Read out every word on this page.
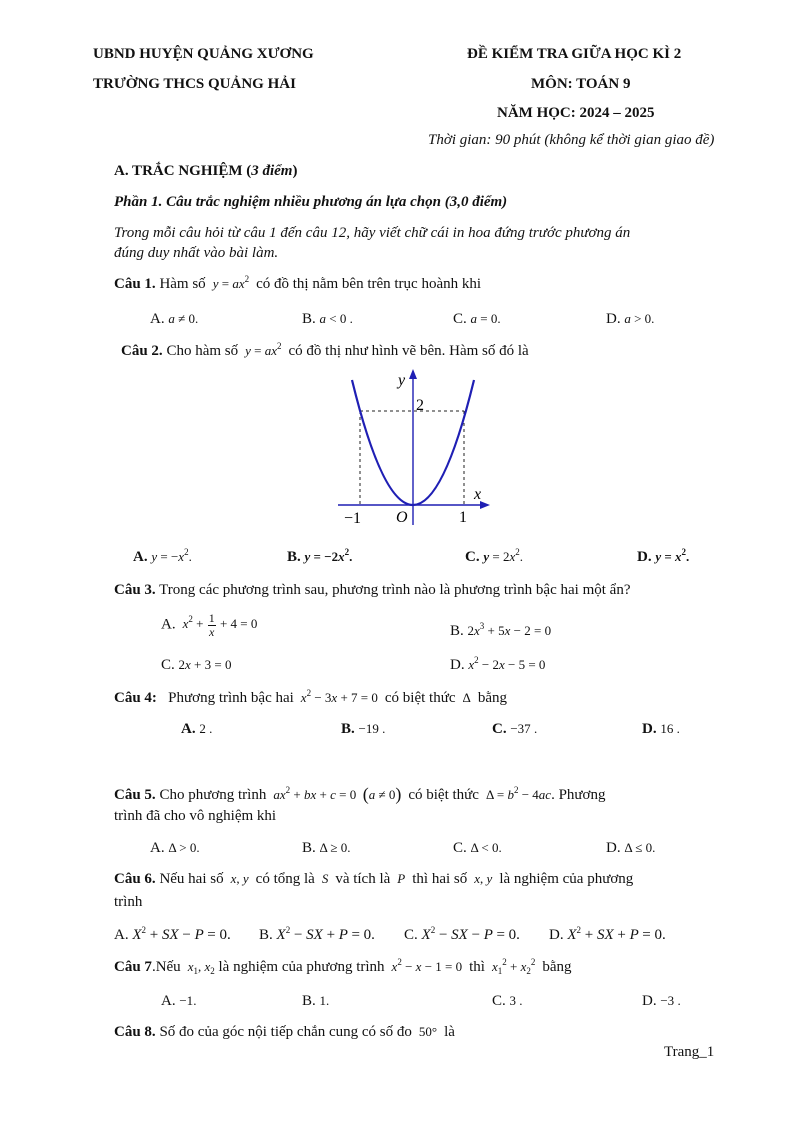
UBND HUYỆN QUẢNG XƯƠNG
TRƯỜNG THCS QUẢNG HẢI
ĐỀ KIỂM TRA GIỮA HỌC KÌ 2
MÔN: TOÁN 9
NĂM HỌC: 2024 – 2025
Thời gian: 90 phút (không kể thời gian giao đề)
A. TRẮC NGHIỆM (3 điểm)
Phần 1. Câu trắc nghiệm nhiều phương án lựa chọn (3,0 điểm)
Trong mỗi câu hỏi từ câu 1 đến câu 12, hãy viết chữ cái in hoa đứng trước phương án
đúng duy nhất vào bài làm.
Câu 1. Hàm số  $y = ax^2$ có đồ thị nằm bên trên trục hoành khi
A. a ≠ 0.	B. a < 0 .	C. a = 0.	D. a > 0.
Câu 2. Cho hàm số  $y = ax^2$ có đồ thị như hình vẽ bên. Hàm số đó là
y
2
x
−1 O	1
A. $y = -x^2$.	B. $y = -2x^2$.	C. $y = 2x^2$.	D. $y = x^2$.
Câu 3. Trong các phương trình sau, phương trình nào là phương trình bậc hai một ẩn?
A.  $x^2 + \frac{1}{x} + 4 = 0$	B. $2x^3 + 5x - 2 = 0$
C. 2x + 3 = 0	D. $x^2 - 2x - 5 = 0$
Câu 4: Phương trình bậc hai  $x^2 - 3x + 7 = 0$ có biệt thức  Δ  bằng
A. 2 .	B. −19 .	C. −37 .	D. 16 .
Câu 5. Cho phương trình  $ax^2$ + bx + c = 0 (a ≠ 0) có biệt thức $\Delta = b^2 - 4ac$. Phương
trình đã cho vô nghiệm khi
A. Δ > 0.	B. Δ ≥ 0.	C. Δ < 0.	D. Δ ≤ 0.
Câu 6. Nếu hai số  x, y  có tổng là  S  và tích là  P  thì hai số  x, y  là nghiệm của phương
trình
A. $X^2$ + SX − P = 0. B. $X^2$ − SX + P = 0. C. $X^2$ − SX − P = 0. D. $X^2$ + SX + P = 0.
Câu 7.Nếu  $x_1$, $x_2$ là nghiệm của phương trình  $x^2 - x - 1 = 0$ thì  $x_1^2 + x_2^2$ bằng
A. −1.	B. 1.	C. 3 .	D. −3 .
Câu 8. Số đo của góc nội tiếp chắn cung có số đo  50°  là
Trang_1
